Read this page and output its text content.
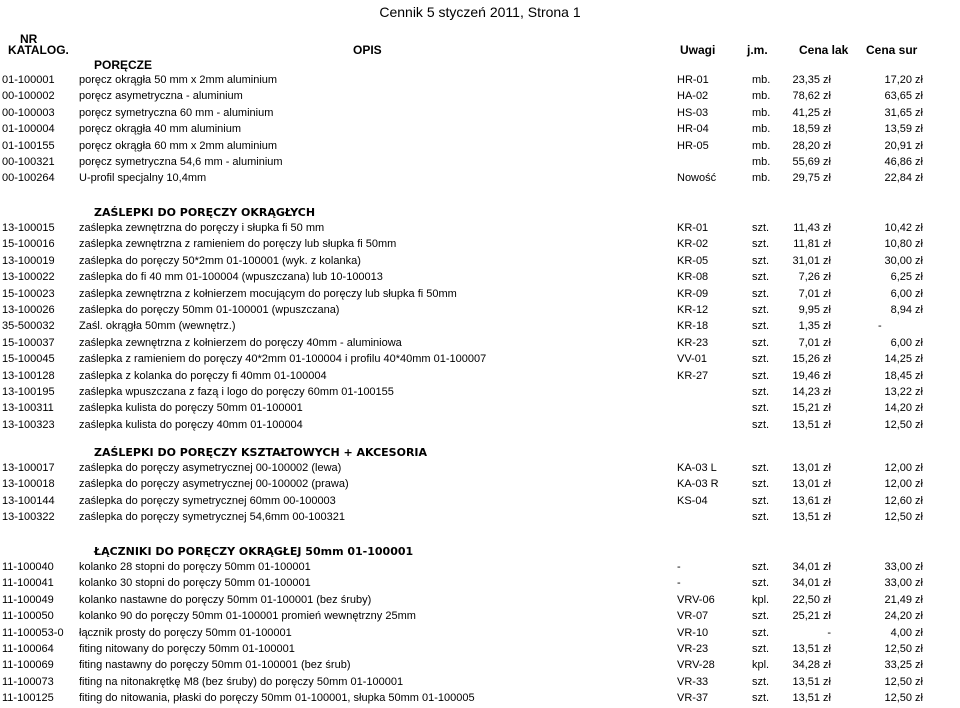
Cennik 5 styczeń 2011, Strona 1
NR
KATALOG.	OPIS	Uwagi	j.m.	Cena lak Cena sur
PORĘCZE
01-100001 poręcz okrągła 50 mm x 2mm aluminium	HR-01	mb. 23,35 zł	17,20 zł
00-100002 poręcz asymetryczna - aluminium	HA-02	mb. 78,62 zł	63,65 zł
00-100003 poręcz symetryczna 60 mm - aluminium	HS-03	mb. 41,25 zł	31,65 zł
01-100004 poręcz okrągła 40 mm aluminium	HR-04	mb. 18,59 zł	13,59 zł
01-100155 poręcz okrągła 60 mm x 2mm aluminium	HR-05	mb. 28,20 zł	20,91 zł
00-100321 poręcz symetryczna 54,6 mm - aluminium	mb. 55,69 zł	46,86 zł
00-100264 U-profil specjalny 10,4mm	Nowość	mb. 29,75 zł	22,84 zł
ZAŚLEPKI DO PORĘCZY OKRĄGŁYCH
13-100015 zaślepka zewnętrzna do poręczy i słupka fi 50 mm	KR-01	szt. 11,43 zł	10,42 zł
15-100016 zaślepka zewnętrzna z ramieniem do poręczy lub słupka fi 50mm	KR-02	szt. 11,81 zł	10,80 zł
13-100019 zaślepka do poręczy 50*2mm 01-100001 (wyk. z kolanka)	KR-05	szt. 31,01 zł	30,00 zł
13-100022 zaślepka do fi 40 mm 01-100004 (wpuszczana) lub 10-100013	KR-08	szt.	7,26 zł	6,25 zł
15-100023 zaślepka zewnętrzna z kołnierzem mocującym do poręczy lub słupka fi 50mm	KR-09	szt.	7,01 zł	6,00 zł
13-100026 zaślepka do poręczy 50mm 01-100001 (wpuszczana)	KR-12	szt.	9,95 zł	8,94 zł
35-500032 Zaśl. okrągła 50mm (wewnętrz.)	KR-18	szt.	1,35 zł	-
15-100037 zaślepka zewnętrzna z kołnierzem do poręczy 40mm - aluminiowa	KR-23	szt.	7,01 zł	6,00 zł
15-100045 zaślepka z ramieniem do poręczy 40*2mm 01-100004 i profilu 40*40mm 01-100007	VV-01	szt. 15,26 zł	14,25 zł
13-100128 zaślepka z kolanka do poręczy fi 40mm 01-100004	KR-27	szt. 19,46 zł	18,45 zł
13-100195 zaślepka wpuszczana z fazą i logo do poręczy 60mm 01-100155	szt. 14,23 zł	13,22 zł
13-100311 zaślepka kulista do poręczy 50mm 01-100001	szt. 15,21 zł	14,20 zł
13-100323 zaślepka kulista do poręczy 40mm 01-100004	szt. 13,51 zł	12,50 zł
ZAŚLEPKI DO PORĘCZY KSZTAŁTOWYCH + AKCESORIA
13-100017 zaślepka do poręczy asymetrycznej 00-100002 (lewa)	KA-03 L	szt. 13,01 zł	12,00 zł
13-100018 zaślepka do poręczy asymetrycznej 00-100002 (prawa)	KA-03 R	szt. 13,01 zł	12,00 zł
13-100144 zaślepka do poręczy symetrycznej 60mm 00-100003	KS-04	szt. 13,61 zł	12,60 zł
13-100322 zaślepka do poręczy symetrycznej 54,6mm 00-100321	szt. 13,51 zł	12,50 zł
ŁĄCZNIKI DO PORĘCZY OKRĄGŁEJ 50mm 01-100001
11-100040 kolanko 28 stopni do poręczy 50mm 01-100001	-	szt. 34,01 zł	33,00 zł
11-100041 kolanko 30 stopni do poręczy 50mm 01-100001	-	szt. 34,01 zł	33,00 zł
11-100049 kolanko nastawne do poręczy 50mm 01-100001 (bez śruby)	VRV-06	kpl. 22,50 zł	21,49 zł
11-100050 kolanko 90 do poręczy 50mm 01-100001 promień wewnętrzny 25mm	VR-07	szt. 25,21 zł	24,20 zł
11-100053-0 łącznik prosty do poręczy 50mm 01-100001	VR-10	szt.	-	4,00 zł
11-100064 fiting nitowany do poręczy 50mm 01-100001	VR-23	szt. 13,51 zł	12,50 zł
11-100069 fiting nastawny do poręczy 50mm 01-100001 (bez śrub)	VRV-28	kpl. 34,28 zł	33,25 zł
11-100073 fiting na nitonakrętkę M8 (bez śruby) do poręczy 50mm 01-100001	VR-33	szt. 13,51 zł	12,50 zł
11-100125 fiting do nitowania, płaski do poręczy 50mm 01-100001, słupka 50mm 01-100005	VR-37	szt. 13,51 zł	12,50 zł
